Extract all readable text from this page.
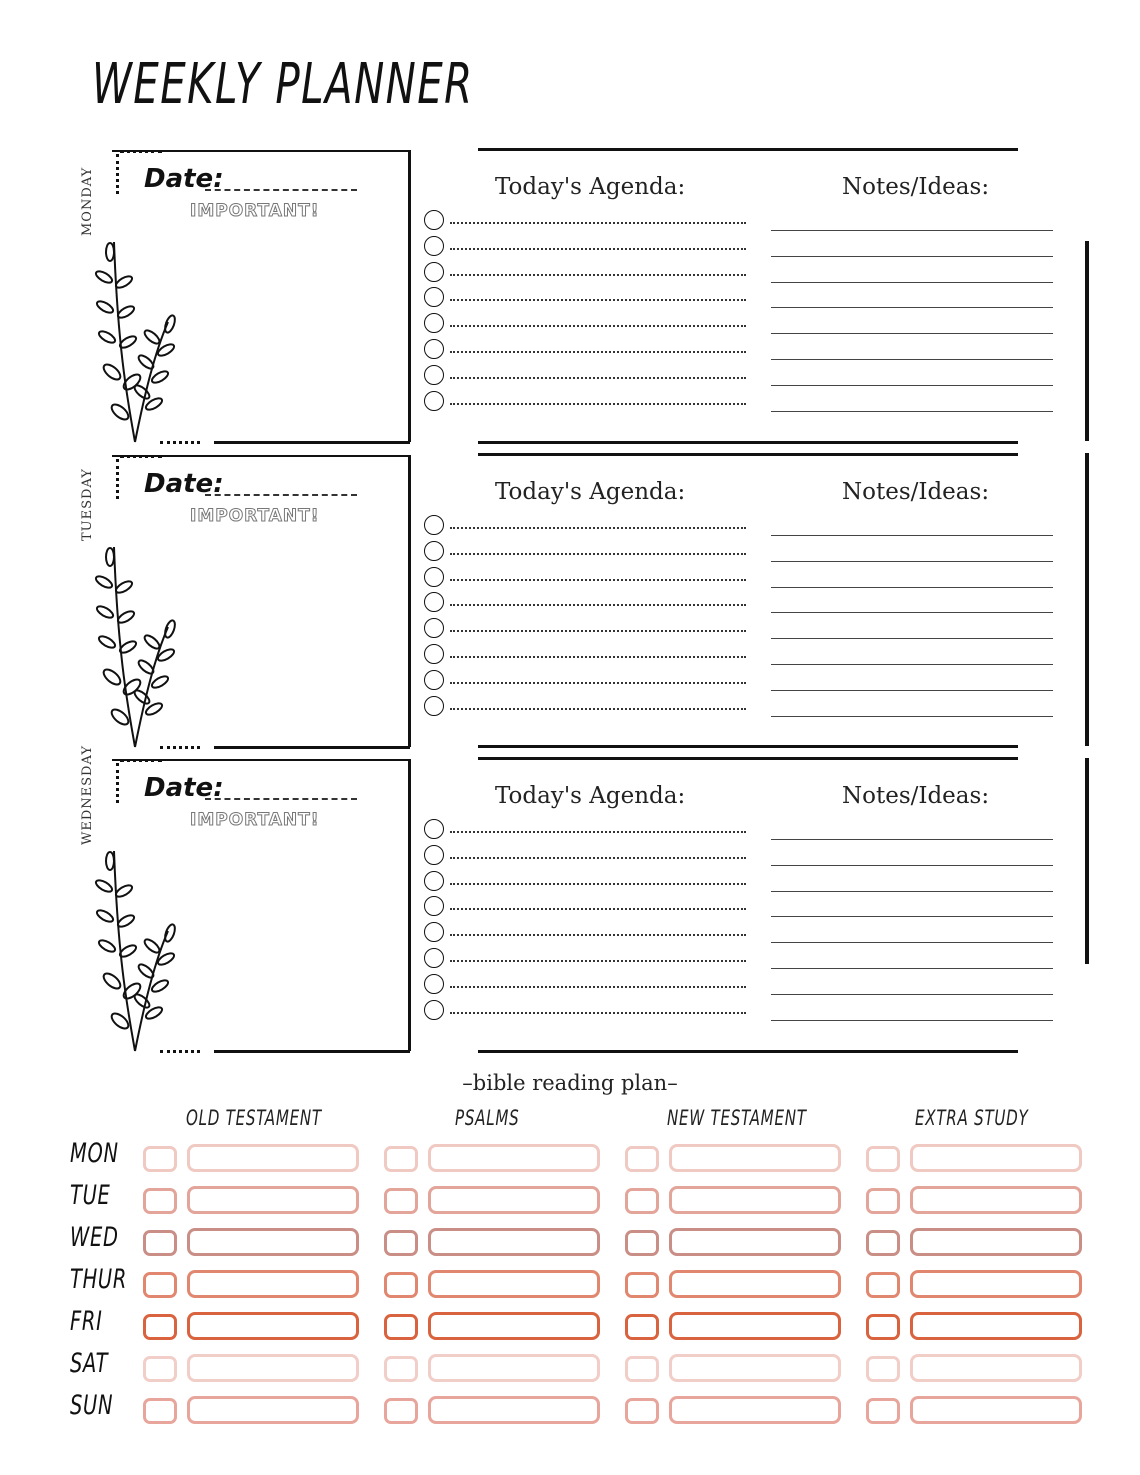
WEEKLY PLANNER
MONDAY Date:
IMPORTANT!
Today's Agenda:	Notes/Ideas:
TUESDAY Date:
IMPORTANT!
Today's Agenda:	Notes/Ideas:
WEDNESDAY Date:
IMPORTANT!
Today's Agenda:	Notes/Ideas:
–bible reading plan–
OLD TESTAMENT	PSALMS	NEW TESTAMENT	EXTRA STUDY
MON
TUE
WED
THUR
FRI
SAT
SUN
